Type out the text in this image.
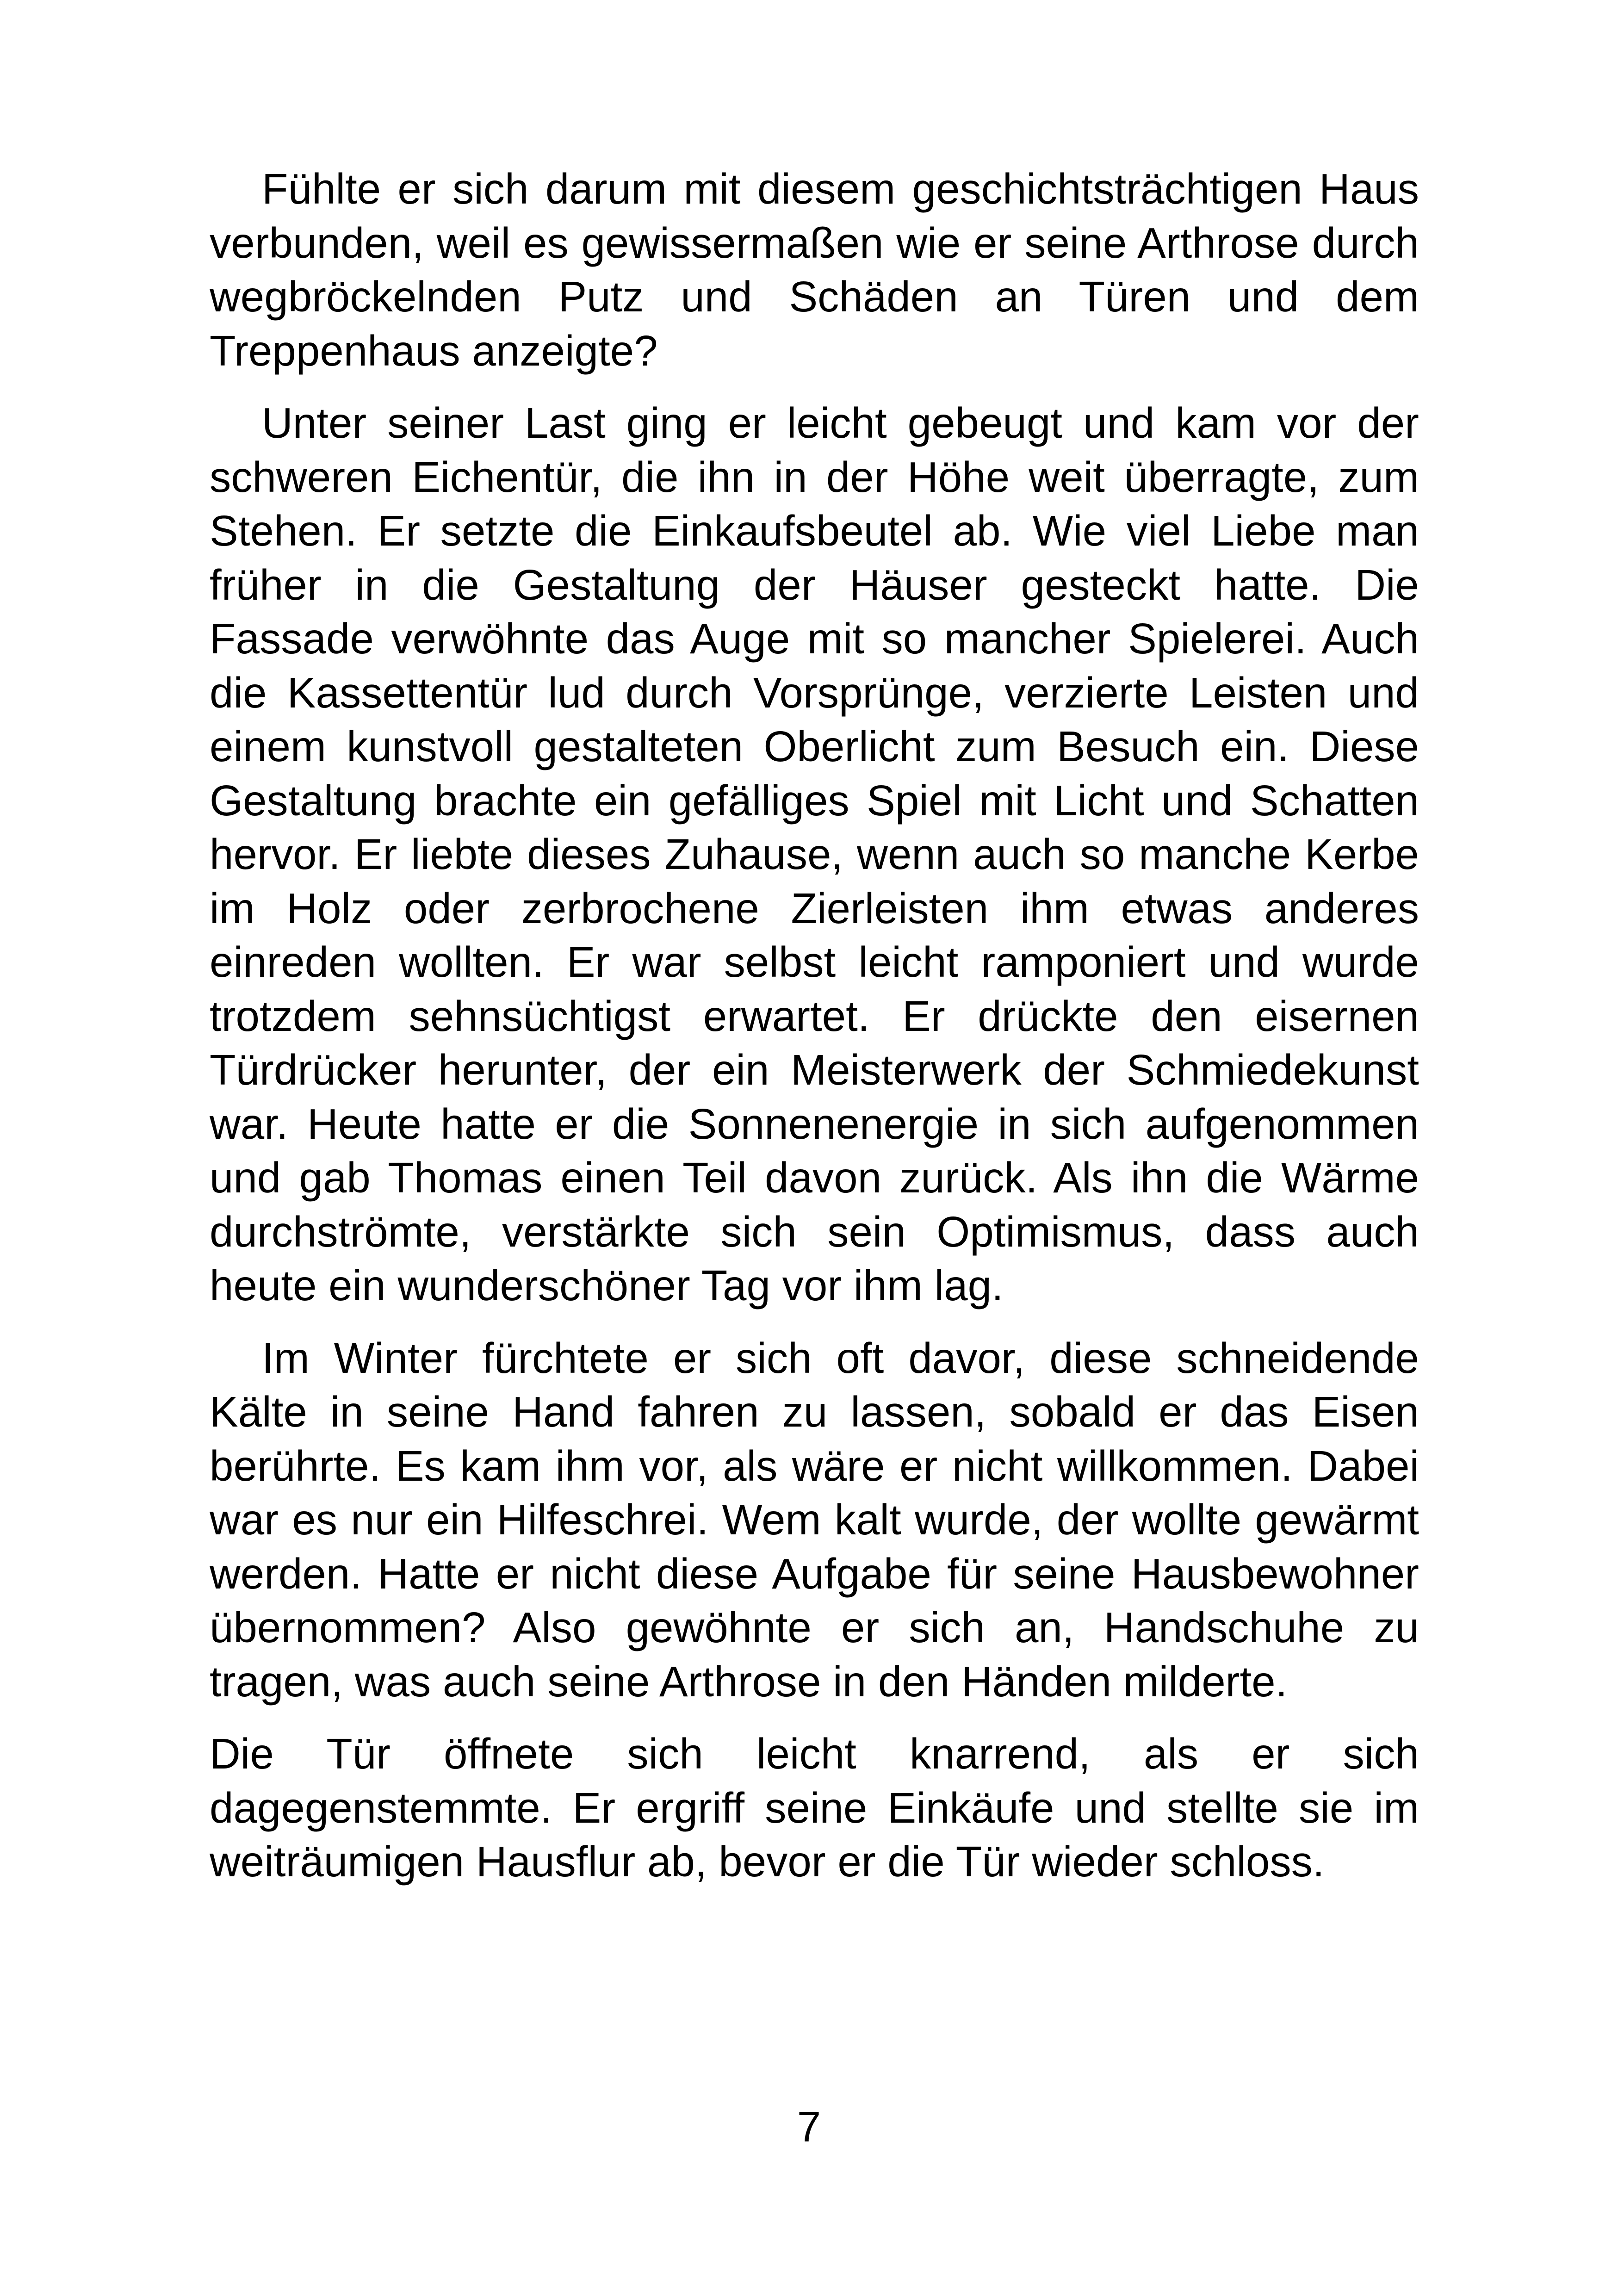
Fühlte er sich darum mit diesem geschichtsträchtigen Haus verbunden, weil es gewissermaßen wie er seine Arthrose durch wegbröckelnden Putz und Schäden an Türen und dem Treppenhaus anzeigte?

Unter seiner Last ging er leicht gebeugt und kam vor der schweren Eichentür, die ihn in der Höhe weit überragte, zum Stehen. Er setzte die Einkaufsbeutel ab. Wie viel Liebe man früher in die Gestaltung der Häuser gesteckt hatte. Die Fassade verwöhnte das Auge mit so mancher Spielerei. Auch die Kassettentür lud durch Vorsprünge, verzierte Leisten und einem kunstvoll gestalteten Oberlicht zum Besuch ein. Diese Gestaltung brachte ein gefälliges Spiel mit Licht und Schatten hervor. Er liebte dieses Zuhause, wenn auch so manche Kerbe im Holz oder zerbrochene Zierleisten ihm etwas anderes einreden wollten. Er war selbst leicht ramponiert und wurde trotzdem sehnsüchtigst erwartet. Er drückte den eisernen Türdrücker herunter, der ein Meisterwerk der Schmiedekunst war. Heute hatte er die Sonnenenergie in sich aufgenommen und gab Thomas einen Teil davon zurück. Als ihn die Wärme durchströmte, verstärkte sich sein Optimismus, dass auch heute ein wunderschöner Tag vor ihm lag.

Im Winter fürchtete er sich oft davor, diese schneidende Kälte in seine Hand fahren zu lassen, sobald er das Eisen berührte. Es kam ihm vor, als wäre er nicht willkommen. Dabei war es nur ein Hilfeschrei. Wem kalt wurde, der wollte gewärmt werden. Hatte er nicht diese Aufgabe für seine Hausbewohner übernommen? Also gewöhnte er sich an, Handschuhe zu tragen, was auch seine Arthrose in den Händen milderte.

Die Tür öffnete sich leicht knarrend, als er sich dagegenstemmte. Er ergriff seine Einkäufe und stellte sie im weiträumigen Hausflur ab, bevor er die Tür wieder schloss.

7
